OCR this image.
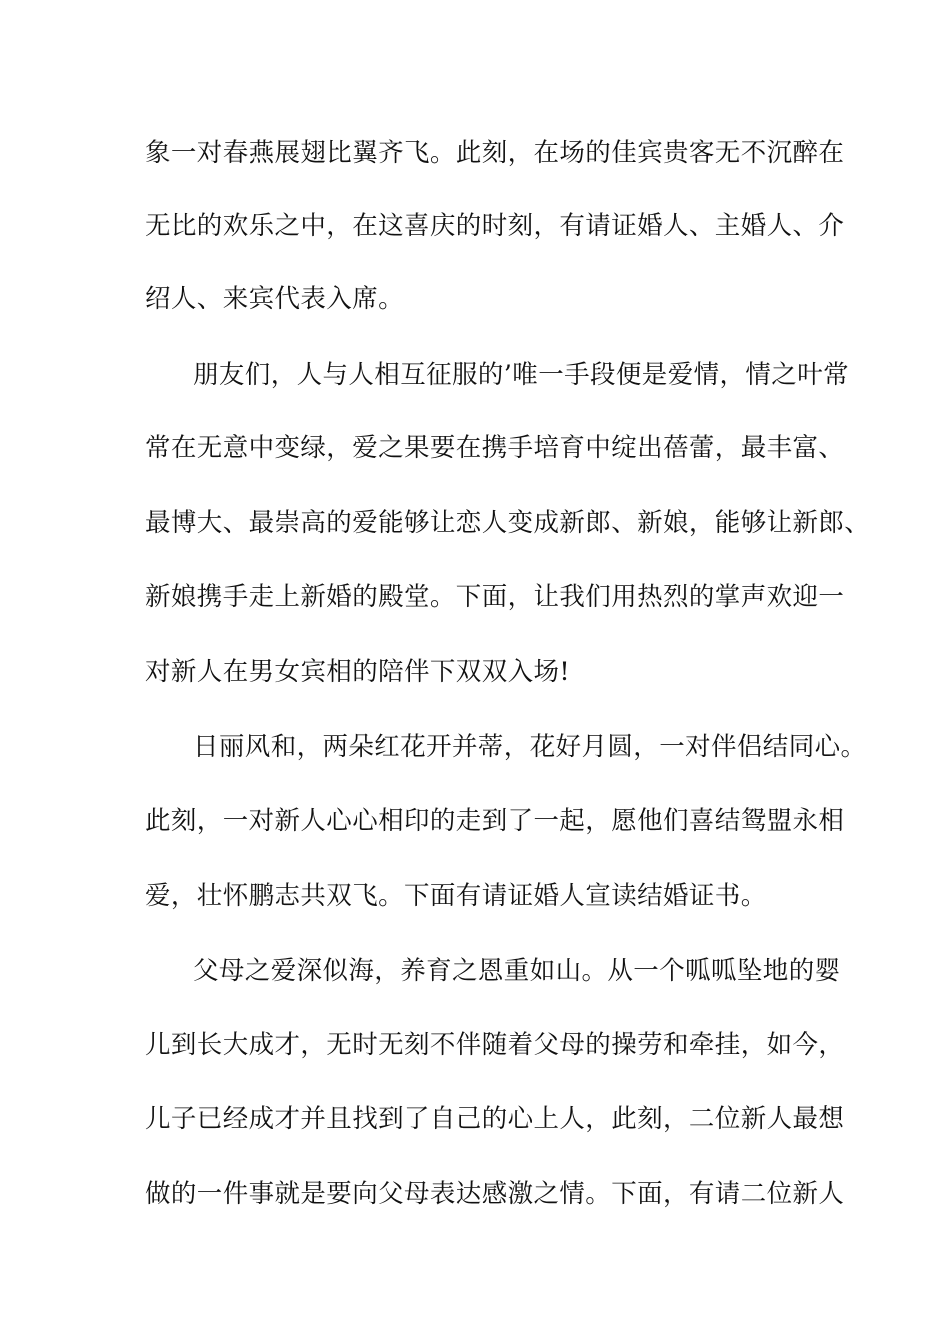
象一对春燕展翅比翼齐飞。此刻，在场的佳宾贵客无不沉醉在
无比的欢乐之中，在这喜庆的时刻，有请证婚人、主婚人、介
绍人、来宾代表入席。
朋友们，人与人相互征服的’唯一手段便是爱情，情之叶常
常在无意中变绿，爱之果要在携手培育中绽出蓓蕾，最丰富、
最博大、最崇高的爱能够让恋人变成新郎、新娘，能够让新郎、
新娘携手走上新婚的殿堂。下面，让我们用热烈的掌声欢迎一
对新人在男女宾相的陪伴下双双入场!
日丽风和，两朵红花开并蒂，花好月圆，一对伴侣结同心。
此刻，一对新人心心相印的走到了一起，愿他们喜结鸳盟永相
爱，壮怀鹏志共双飞。下面有请证婚人宣读结婚证书。
父母之爱深似海，养育之恩重如山。从一个呱呱坠地的婴
儿到长大成才，无时无刻不伴随着父母的操劳和牵挂，如今，
儿子已经成才并且找到了自己的心上人，此刻，二位新人最想
做的一件事就是要向父母表达感激之情。下面，有请二位新人
